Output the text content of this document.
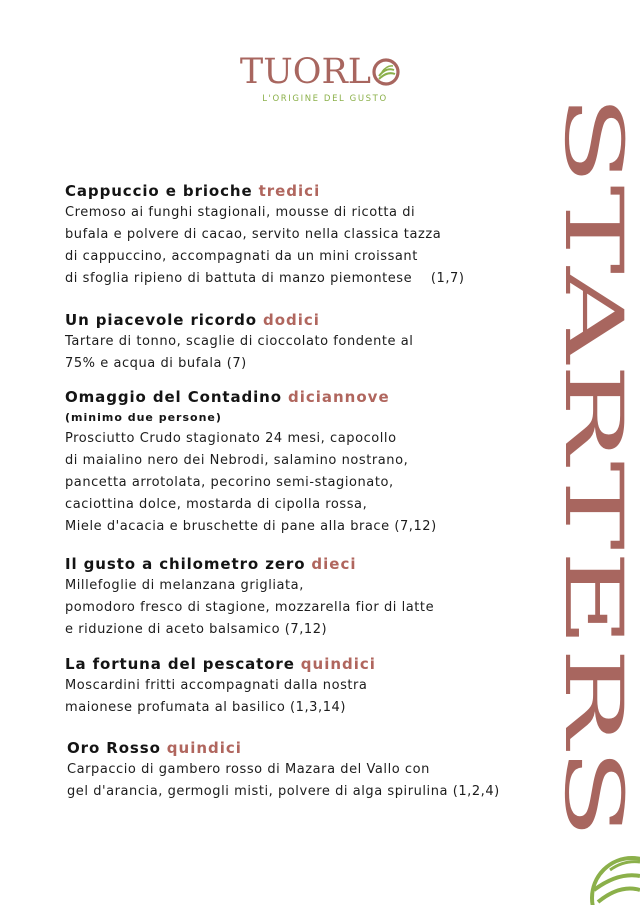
TUORL
L'ORIGINE DEL GUSTO	STARTERS
Cappuccio e brioche tredici
Cremoso ai funghi stagionali, mousse di ricotta di
bufala e polvere di cacao, servito nella classica tazza
di cappuccino, accompagnati da un mini croissant
di sfoglia ripieno di battuta di manzo piemontese    (1,7)
Un piacevole ricordo dodici
Tartare di tonno, scaglie di cioccolato fondente al
75% e acqua di bufala (7)
Omaggio del Contadino diciannove
(minimo due persone)
Prosciutto Crudo stagionato 24 mesi, capocollo
di maialino nero dei Nebrodi, salamino nostrano,
pancetta arrotolata, pecorino semi-stagionato,
caciottina dolce, mostarda di cipolla rossa,
Miele d'acacia e bruschette di pane alla brace (7,12)
Il gusto a chilometro zero dieci
Millefoglie di melanzana grigliata,
pomodoro fresco di stagione, mozzarella fior di latte
e riduzione di aceto balsamico (7,12)
La fortuna del pescatore quindici
Moscardini fritti accompagnati dalla nostra
maionese profumata al basilico (1,3,14)
Oro Rosso quindici
Carpaccio di gambero rosso di Mazara del Vallo con
gel d'arancia, germogli misti, polvere di alga spirulina (1,2,4)
